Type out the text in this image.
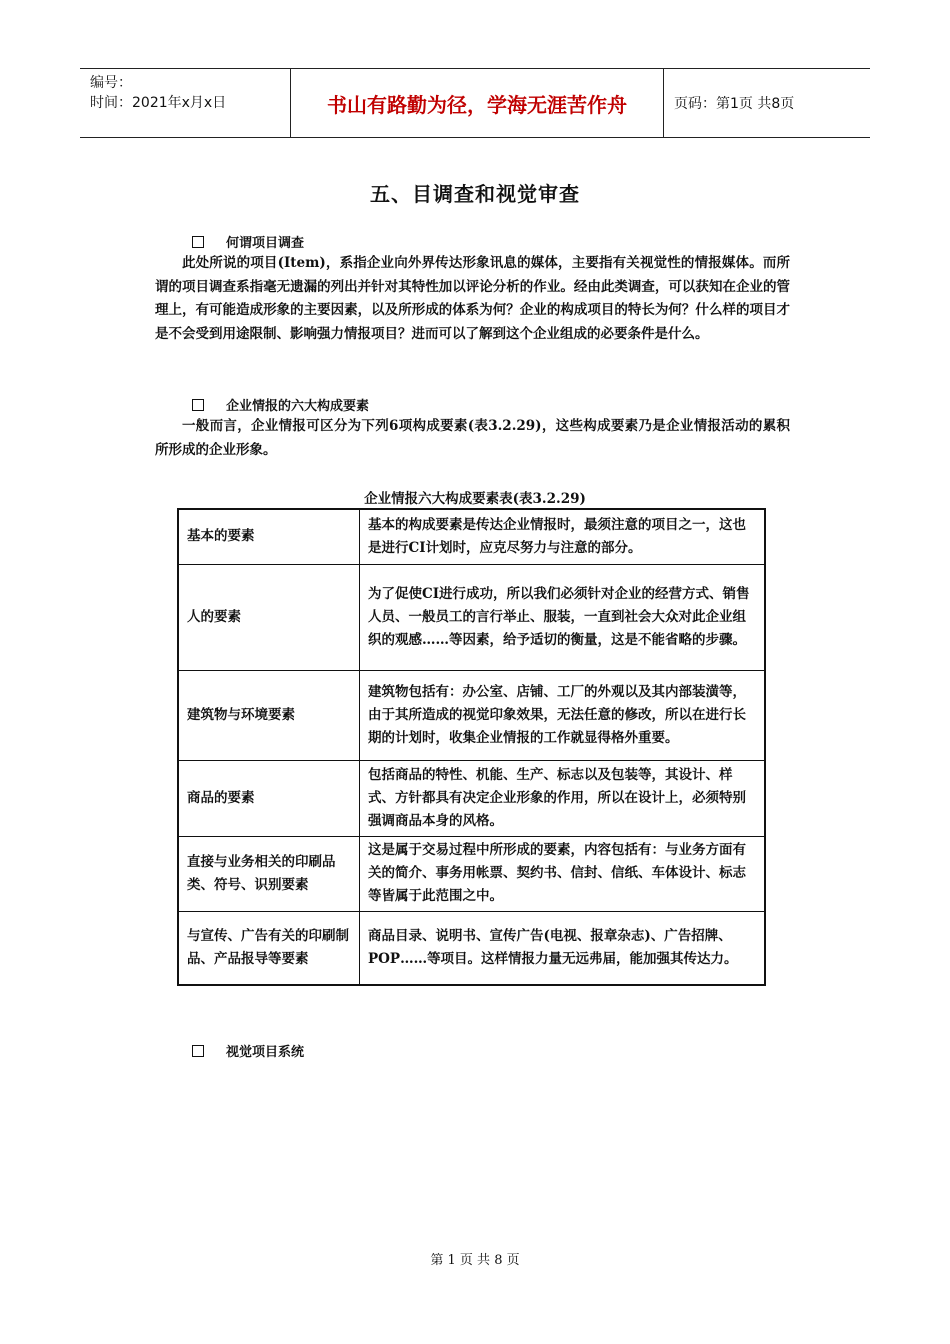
编号：
时间：2021年x月x日	书山有路勤为径，学海无涯苦作舟	页码：第1页 共8页
五、目调查和视觉审查
何谓项目调查
此处所说的项目(Item)，系指企业向外界传达形象讯息的媒体，主要指有关视觉性的情报媒体。而所谓的项目调查系指毫无遗漏的列出并针对其特性加以评论分析的作业。经由此类调查，可以获知在企业的管理上，有可能造成形象的主要因素，以及所形成的体系为何？企业的构成项目的特长为何？什么样的项目才是不会受到用途限制、影响强力情报项目？进而可以了解到这个企业组成的必要条件是什么。
企业情报的六大构成要素
一般而言，企业情报可区分为下列6项构成要素(表3.2.29)，这些构成要素乃是企业情报活动的累积所形成的企业形象。
企业情报六大构成要素表(表3.2.29)
基本的要素	基本的构成要素是传达企业情报时，最须注意的项目之一，这也是进行CI计划时，应克尽努力与注意的部分。
人的要素	为了促使CI进行成功，所以我们必须针对企业的经营方式、销售人员、一般员工的言行举止、服装，一直到社会大众对此企业组织的观感……等因素，给予适切的衡量，这是不能省略的步骤。
建筑物与环境要素	建筑物包括有：办公室、店铺、工厂的外观以及其内部装潢等，由于其所造成的视觉印象效果，无法任意的修改，所以在进行长期的计划时，收集企业情报的工作就显得格外重要。
商品的要素	包括商品的特性、机能、生产、标志以及包装等，其设计、样式、方针都具有决定企业形象的作用，所以在设计上，必须特别强调商品本身的风格。
直接与业务相关的印刷品类、符号、识别要素	这是属于交易过程中所形成的要素，内容包括有：与业务方面有关的简介、事务用帐票、契约书、信封、信纸、车体设计、标志等皆属于此范围之中。
与宣传、广告有关的印刷制品、产品报导等要素	商品目录、说明书、宣传广告(电视、报章杂志)、广告招牌、POP……等项目。这样情报力量无远弗届，能加强其传达力。
视觉项目系统
第 1 页 共 8 页
